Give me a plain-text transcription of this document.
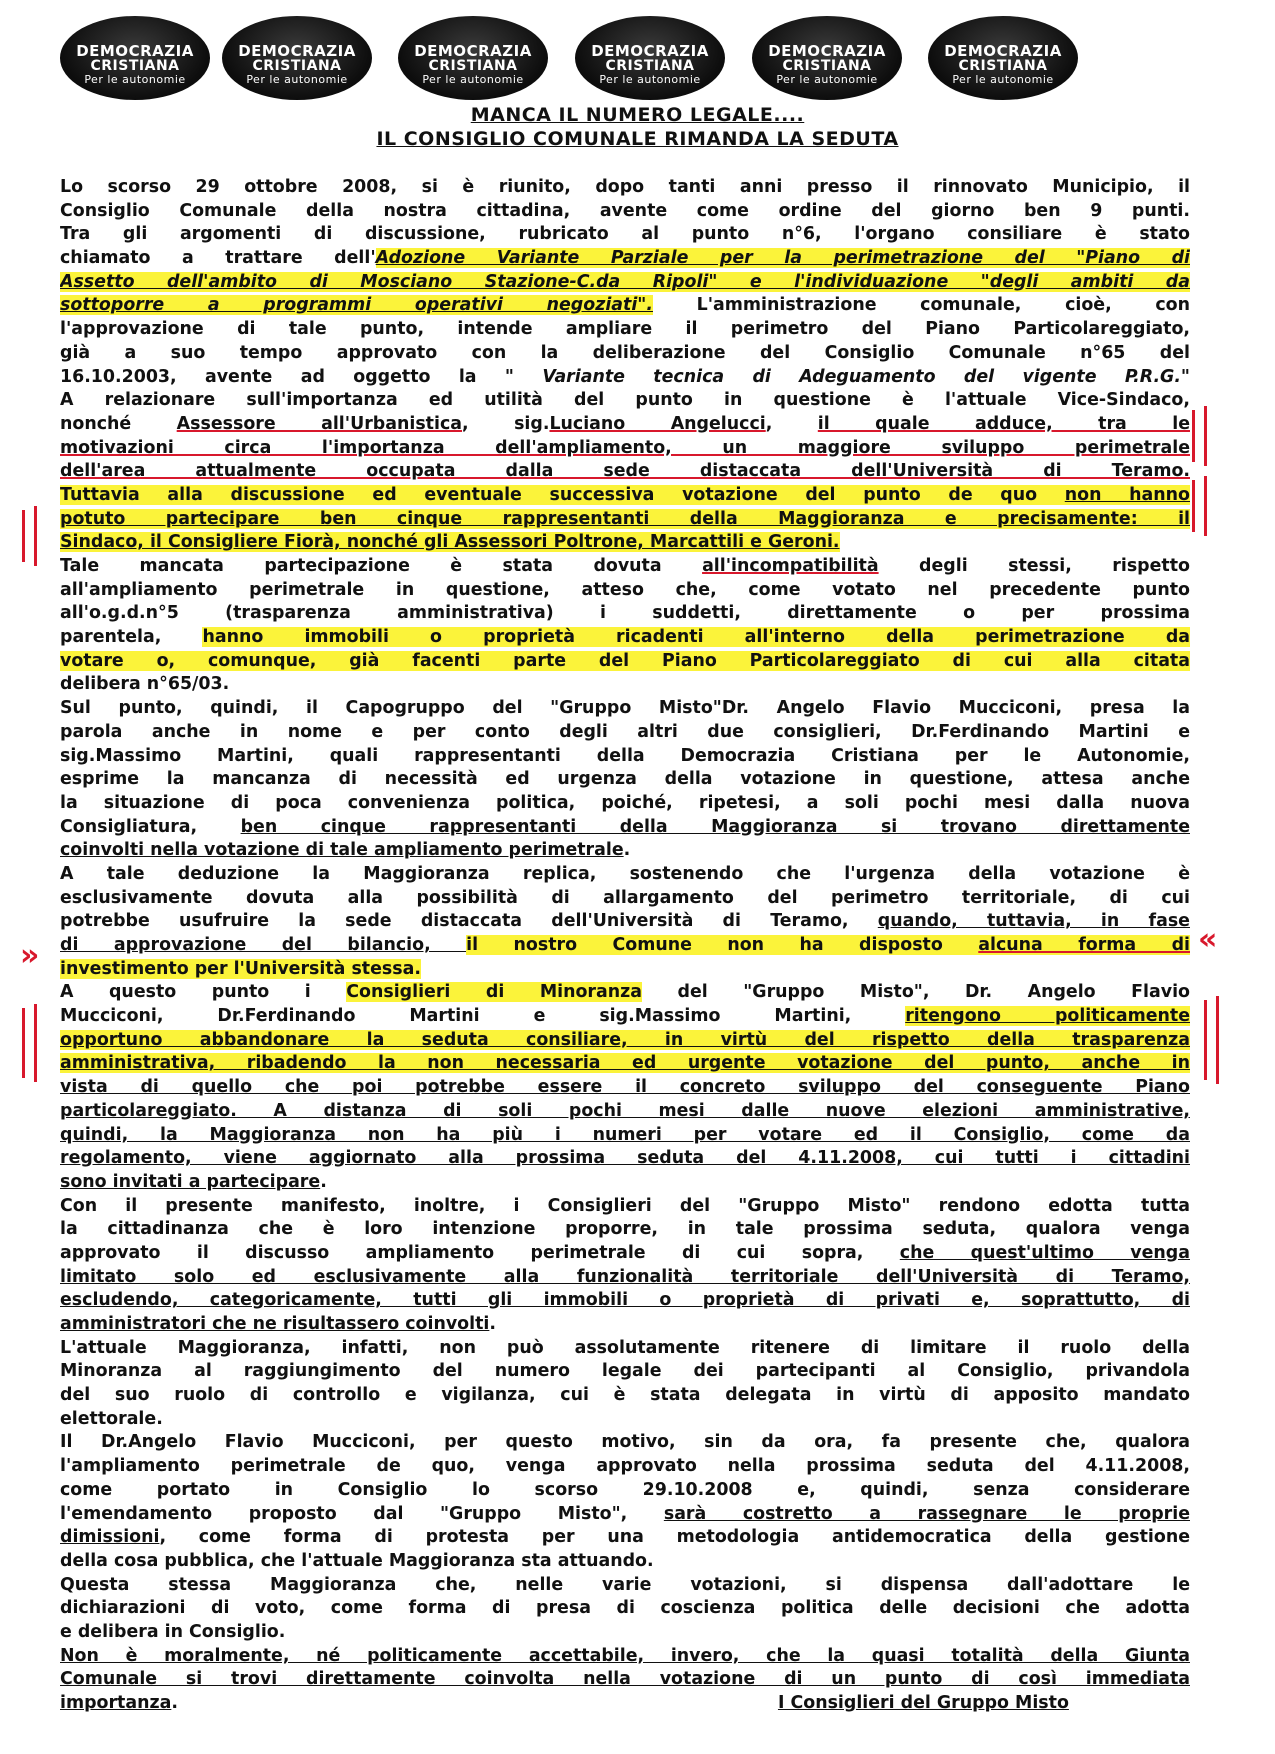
DEMOCRAZIA
CRISTIANA
Per le autonomie
DEMOCRAZIA
CRISTIANA
Per le autonomie
DEMOCRAZIA
CRISTIANA
Per le autonomie
DEMOCRAZIA
CRISTIANA
Per le autonomie
DEMOCRAZIA
CRISTIANA
Per le autonomie
DEMOCRAZIA
CRISTIANA
Per le autonomie
MANCA IL NUMERO LEGALE....
IL CONSIGLIO COMUNALE RIMANDA LA SEDUTA
Lo scorso 29 ottobre 2008, si è riunito, dopo tanti anni presso il rinnovato Municipio, il
Consiglio Comunale della nostra cittadina, avente come ordine del giorno ben 9 punti.
Tra gli argomenti di discussione, rubricato al punto n°6, l'organo consiliare è stato
chiamato a trattare dell'Adozione Variante Parziale per la perimetrazione del "Piano di
Assetto dell'ambito di Mosciano Stazione-C.da Ripoli" e l'individuazione "degli ambiti da
sottoporre a programmi operativi negoziati". L'amministrazione comunale, cioè, con
l'approvazione di tale punto, intende ampliare il perimetro del Piano Particolareggiato,
già a suo tempo approvato con la deliberazione del Consiglio Comunale n°65 del
16.10.2003, avente ad oggetto la " Variante tecnica di Adeguamento del vigente P.R.G."
A relazionare sull'importanza ed utilità del punto in questione è l'attuale Vice-Sindaco,
nonché Assessore all'Urbanistica, sig.Luciano Angelucci, il quale adduce, tra le
motivazioni circa l'importanza dell'ampliamento, un maggiore sviluppo perimetrale
dell'area attualmente occupata dalla sede distaccata dell'Università di Teramo.
Tuttavia alla discussione ed eventuale successiva votazione del punto de quo non hanno
potuto partecipare ben cinque rappresentanti della Maggioranza e precisamente: il
Sindaco, il Consigliere Fiorà, nonché gli Assessori Poltrone, Marcattili e Geroni.
Tale mancata partecipazione è stata dovuta all'incompatibilità degli stessi, rispetto
all'ampliamento perimetrale in questione, atteso che, come votato nel precedente punto
all'o.g.d.n°5 (trasparenza amministrativa) i suddetti, direttamente o per prossima
parentela, hanno immobili o proprietà ricadenti all'interno della perimetrazione da
votare o, comunque, già facenti parte del Piano Particolareggiato di cui alla citata
delibera n°65/03.
Sul punto, quindi, il Capogruppo del "Gruppo Misto"Dr. Angelo Flavio Mucciconi, presa la
parola anche in nome e per conto degli altri due consiglieri, Dr.Ferdinando Martini e
sig.Massimo Martini, quali rappresentanti della Democrazia Cristiana per le Autonomie,
esprime la mancanza di necessità ed urgenza della votazione in questione, attesa anche
la situazione di poca convenienza politica, poiché, ripetesi, a soli pochi mesi dalla nuova
Consigliatura, ben cinque rappresentanti della Maggioranza si trovano direttamente
coinvolti nella votazione di tale ampliamento perimetrale.
A tale deduzione la Maggioranza replica, sostenendo che l'urgenza della votazione è
esclusivamente dovuta alla possibilità di allargamento del perimetro territoriale, di cui
potrebbe usufruire la sede distaccata dell'Università di Teramo, quando, tuttavia, in fase
di approvazione del bilancio, il nostro Comune non ha disposto alcuna forma di
investimento per l'Università stessa.
A questo punto i Consiglieri di Minoranza del "Gruppo Misto", Dr. Angelo Flavio
Mucciconi, Dr.Ferdinando Martini e sig.Massimo Martini, ritengono politicamente
opportuno abbandonare la seduta consiliare, in virtù del rispetto della trasparenza
amministrativa, ribadendo la non necessaria ed urgente votazione del punto, anche in
vista di quello che poi potrebbe essere il concreto sviluppo del conseguente Piano
particolareggiato. A distanza di soli pochi mesi dalle nuove elezioni amministrative,
quindi, la Maggioranza non ha più i numeri per votare ed il Consiglio, come da
regolamento, viene aggiornato alla prossima seduta del 4.11.2008, cui tutti i cittadini
sono invitati a partecipare.
Con il presente manifesto, inoltre, i Consiglieri del "Gruppo Misto" rendono edotta tutta
la cittadinanza che è loro intenzione proporre, in tale prossima seduta, qualora venga
approvato il discusso ampliamento perimetrale di cui sopra, che quest'ultimo venga
limitato solo ed esclusivamente alla funzionalità territoriale dell'Università di Teramo,
escludendo, categoricamente, tutti gli immobili o proprietà di privati e, soprattutto, di
amministratori che ne risultassero coinvolti.
L'attuale Maggioranza, infatti, non può assolutamente ritenere di limitare il ruolo della
Minoranza al raggiungimento del numero legale dei partecipanti al Consiglio, privandola
del suo ruolo di controllo e vigilanza, cui è stata delegata in virtù di apposito mandato
elettorale.
Il Dr.Angelo Flavio Mucciconi, per questo motivo, sin da ora, fa presente che, qualora
l'ampliamento perimetrale de quo, venga approvato nella prossima seduta del 4.11.2008,
come portato in Consiglio lo scorso 29.10.2008 e, quindi, senza considerare
l'emendamento proposto dal "Gruppo Misto", sarà costretto a rassegnare le proprie
dimissioni, come forma di protesta per una metodologia antidemocratica della gestione
della cosa pubblica, che l'attuale Maggioranza sta attuando.
Questa stessa Maggioranza che, nelle varie votazioni, si dispensa dall'adottare le
dichiarazioni di voto, come forma di presa di coscienza politica delle decisioni che adotta
e delibera in Consiglio.
Non è moralmente, né politicamente accettabile, invero, che la quasi totalità della Giunta
Comunale si trovi direttamente coinvolta nella votazione di un punto di così immediata
importanza.	I Consiglieri del Gruppo Misto
»	«
